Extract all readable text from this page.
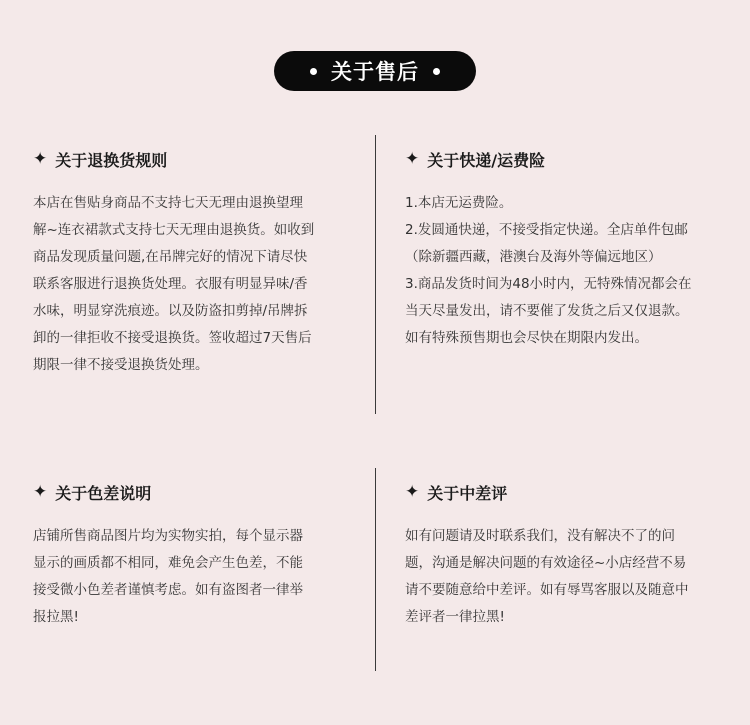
关于售后
✦ 关于退换货规则
本店在售贴身商品不支持七天无理由退换望理
解~连衣裙款式支持七天无理由退换货。如收到
商品发现质量问题,在吊牌完好的情况下请尽快
联系客服进行退换货处理。衣服有明显异味/香
水味，明显穿洗痕迹。以及防盗扣剪掉/吊牌拆
卸的一律拒收不接受退换货。签收超过7天售后
期限一律不接受退换货处理。
✦ 关于快递/运费险
1.本店无运费险。
2.发圆通快递，不接受指定快递。全店单件包邮
（除新疆西藏，港澳台及海外等偏远地区）
3.商品发货时间为48小时内，无特殊情况都会在
当天尽量发出，请不要催了发货之后又仅退款。
如有特殊预售期也会尽快在期限内发出。
✦ 关于色差说明
店铺所售商品图片均为实物实拍，每个显示器
显示的画质都不相同，难免会产生色差，不能
接受微小色差者谨慎考虑。如有盗图者一律举
报拉黑!
✦ 关于中差评
如有问题请及时联系我们，没有解决不了的问
题，沟通是解决问题的有效途径~小店经营不易
请不要随意给中差评。如有辱骂客服以及随意中
差评者一律拉黑!
